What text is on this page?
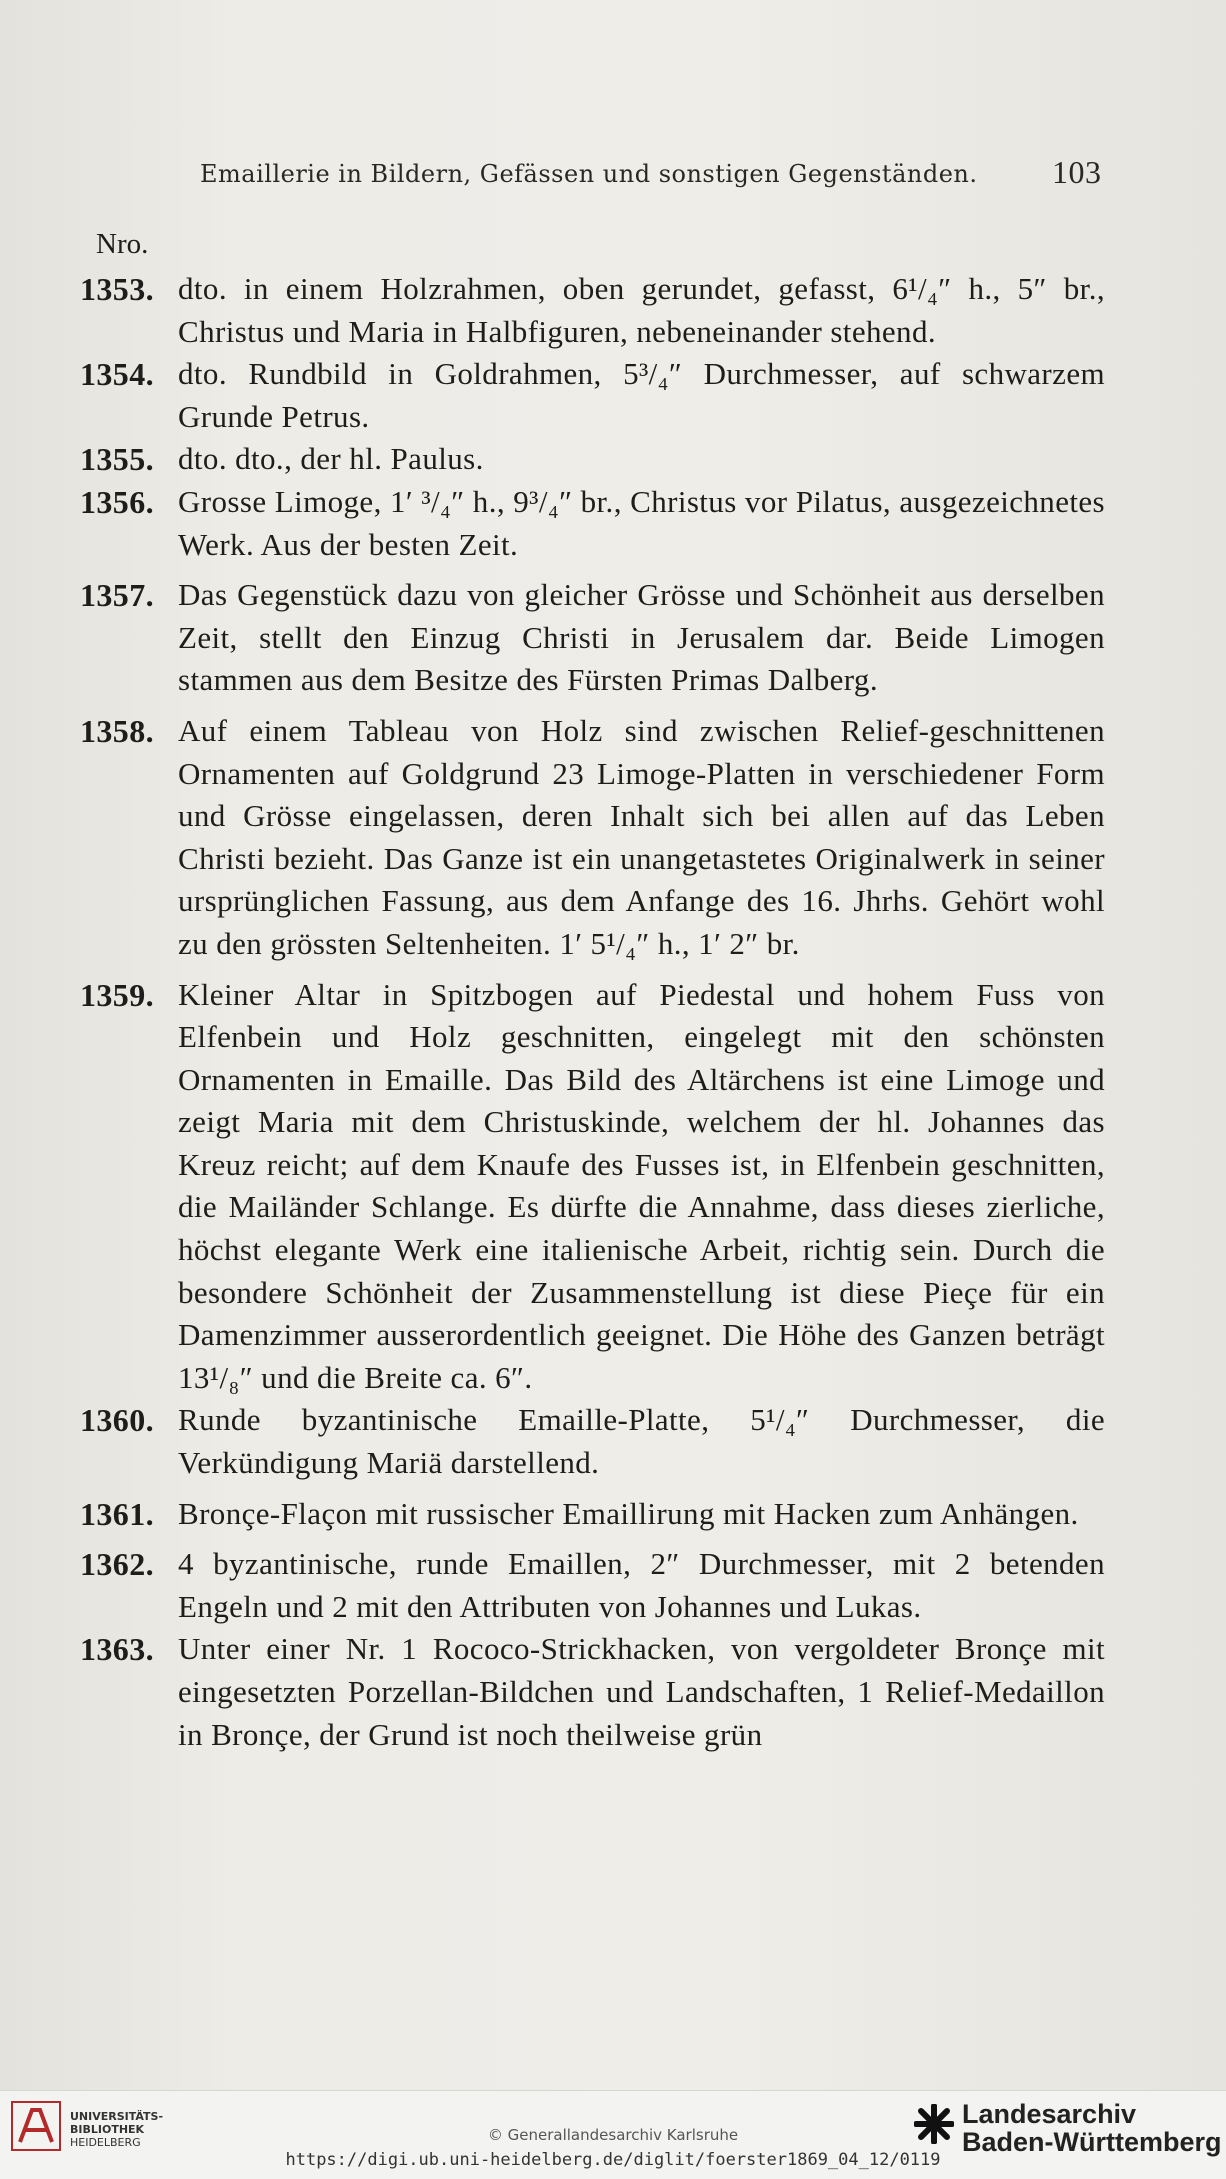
Emaillerie in Bildern, Gefässen und sonstigen Gegenständen. 103
Nro.
1353. dto. in einem Holzrahmen, oben gerundet, gefasst, 6¹/₄″ h., 5″ br., Christus und Maria in Halbfiguren, nebeneinander stehend.
1354. dto. Rundbild in Goldrahmen, 5³/₄″ Durchmesser, auf schwarzem Grunde Petrus.
1355. dto. dto., der hl. Paulus.
1356. Grosse Limoge, 1′ ³/₄″ h., 9³/₄″ br., Christus vor Pilatus, ausgezeichnetes Werk. Aus der besten Zeit.
1357. Das Gegenstück dazu von gleicher Grösse und Schönheit aus derselben Zeit, stellt den Einzug Christi in Jerusalem dar. Beide Limogen stammen aus dem Besitze des Fürsten Primas Dalberg.
1358. Auf einem Tableau von Holz sind zwischen Relief-geschnittenen Ornamenten auf Goldgrund 23 Limoge-Platten in verschiedener Form und Grösse eingelassen, deren Inhalt sich bei allen auf das Leben Christi bezieht. Das Ganze ist ein unangetastetes Originalwerk in seiner ursprünglichen Fassung, aus dem Anfange des 16. Jhrhs. Gehört wohl zu den grössten Seltenheiten. 1′ 5¹/₄″ h., 1′ 2″ br.
1359. Kleiner Altar in Spitzbogen auf Piedestal und hohem Fuss von Elfenbein und Holz geschnitten, eingelegt mit den schönsten Ornamenten in Emaille. Das Bild des Altärchens ist eine Limoge und zeigt Maria mit dem Christuskinde, welchem der hl. Johannes das Kreuz reicht; auf dem Knaufe des Fusses ist, in Elfenbein geschnitten, die Mailänder Schlange. Es dürfte die Annahme, dass dieses zierliche, höchst elegante Werk eine italienische Arbeit, richtig sein. Durch die besondere Schönheit der Zusammenstellung ist diese Pieçe für ein Damenzimmer ausserordentlich geeignet. Die Höhe des Ganzen beträgt 13¹/₈″ und die Breite ca. 6″.
1360. Runde byzantinische Emaille-Platte, 5¹/₄″ Durchmesser, die Verkündigung Mariä darstellend.
1361. Bronçe-Flaçon mit russischer Emaillirung mit Hacken zum Anhängen.
1362. 4 byzantinische, runde Emaillen, 2″ Durchmesser, mit 2 betenden Engeln und 2 mit den Attributen von Johannes und Lukas.
1363. Unter einer Nr. 1 Rococo-Strickhacken, von vergoldeter Bronçe mit eingesetzten Porzellan-Bildchen und Landschaften, 1 Relief-Medaillon in Bronçe, der Grund ist noch theilweise grün
UNIVERSITÄTS-
BIBLIOTHEK
HEIDELBERG	© Generallandesarchiv Karlsruhe
https://digi.ub.uni-heidelberg.de/diglit/foerster1869_04_12/0119
Landesarchiv
Baden-Württemberg
